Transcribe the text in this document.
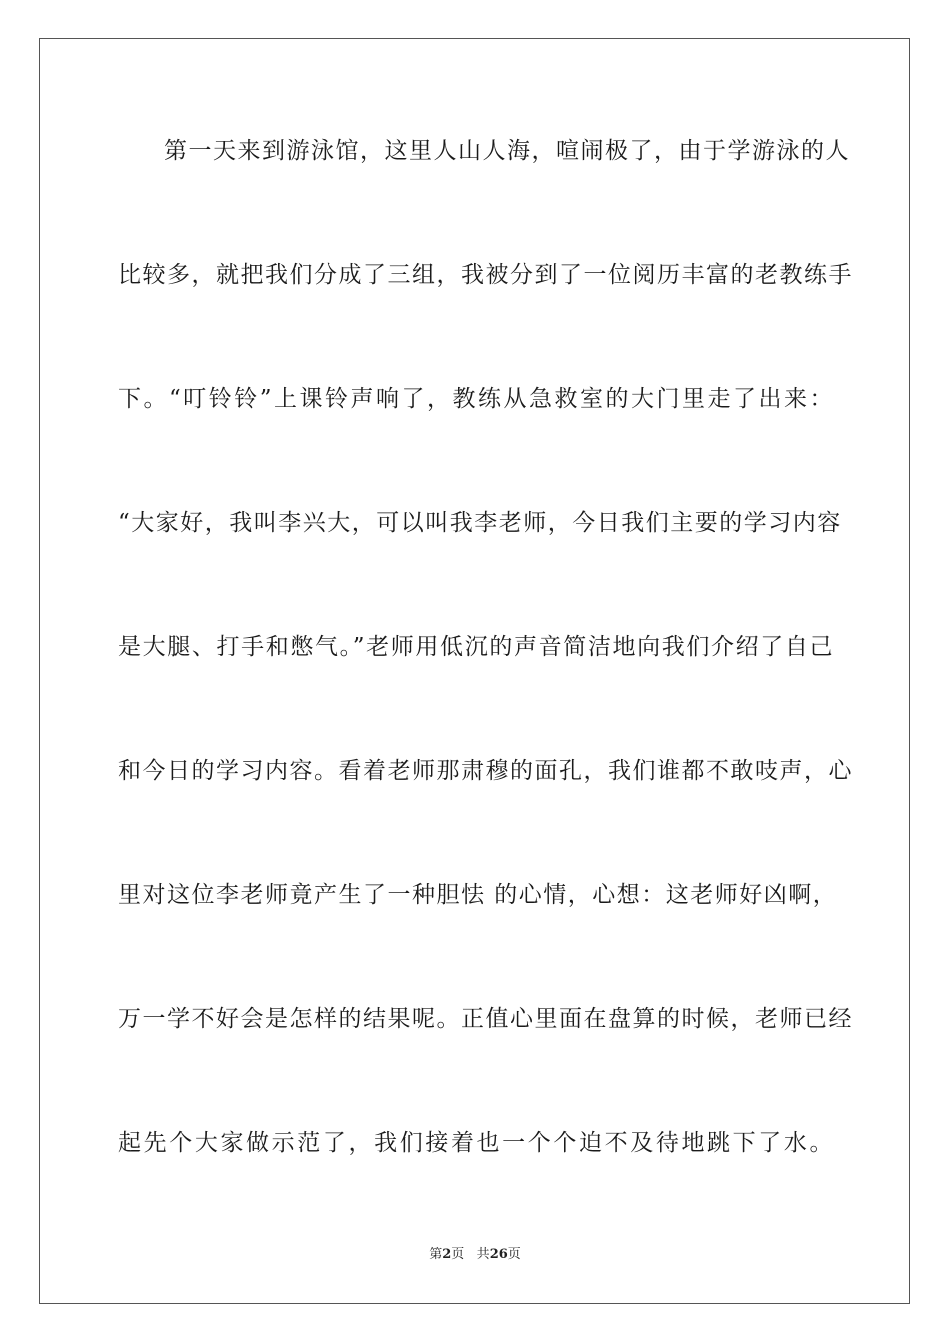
第一天来到游泳馆，这里人山人海，喧闹极了，由于学游泳的人
比较多，就把我们分成了三组，我被分到了一位阅历丰富的老教练手
下。“叮铃铃”上课铃声响了，教练从急救室的大门里走了出来：
“大家好，我叫李兴大，可以叫我李老师，今日我们主要的学习内容
是大腿、打手和憋气。”老师用低沉的声音简洁地向我们介绍了自己
和今日的学习内容。看着老师那肃穆的面孔，我们谁都不敢吱声，心
里对这位李老师竟产生了一种胆怯 的心情，心想：这老师好凶啊，
万一学不好会是怎样的结果呢。正值心里面在盘算的时候，老师已经
起先个大家做示范了，我们接着也一个个迫不及待地跳下了水。
第2页 共26页
